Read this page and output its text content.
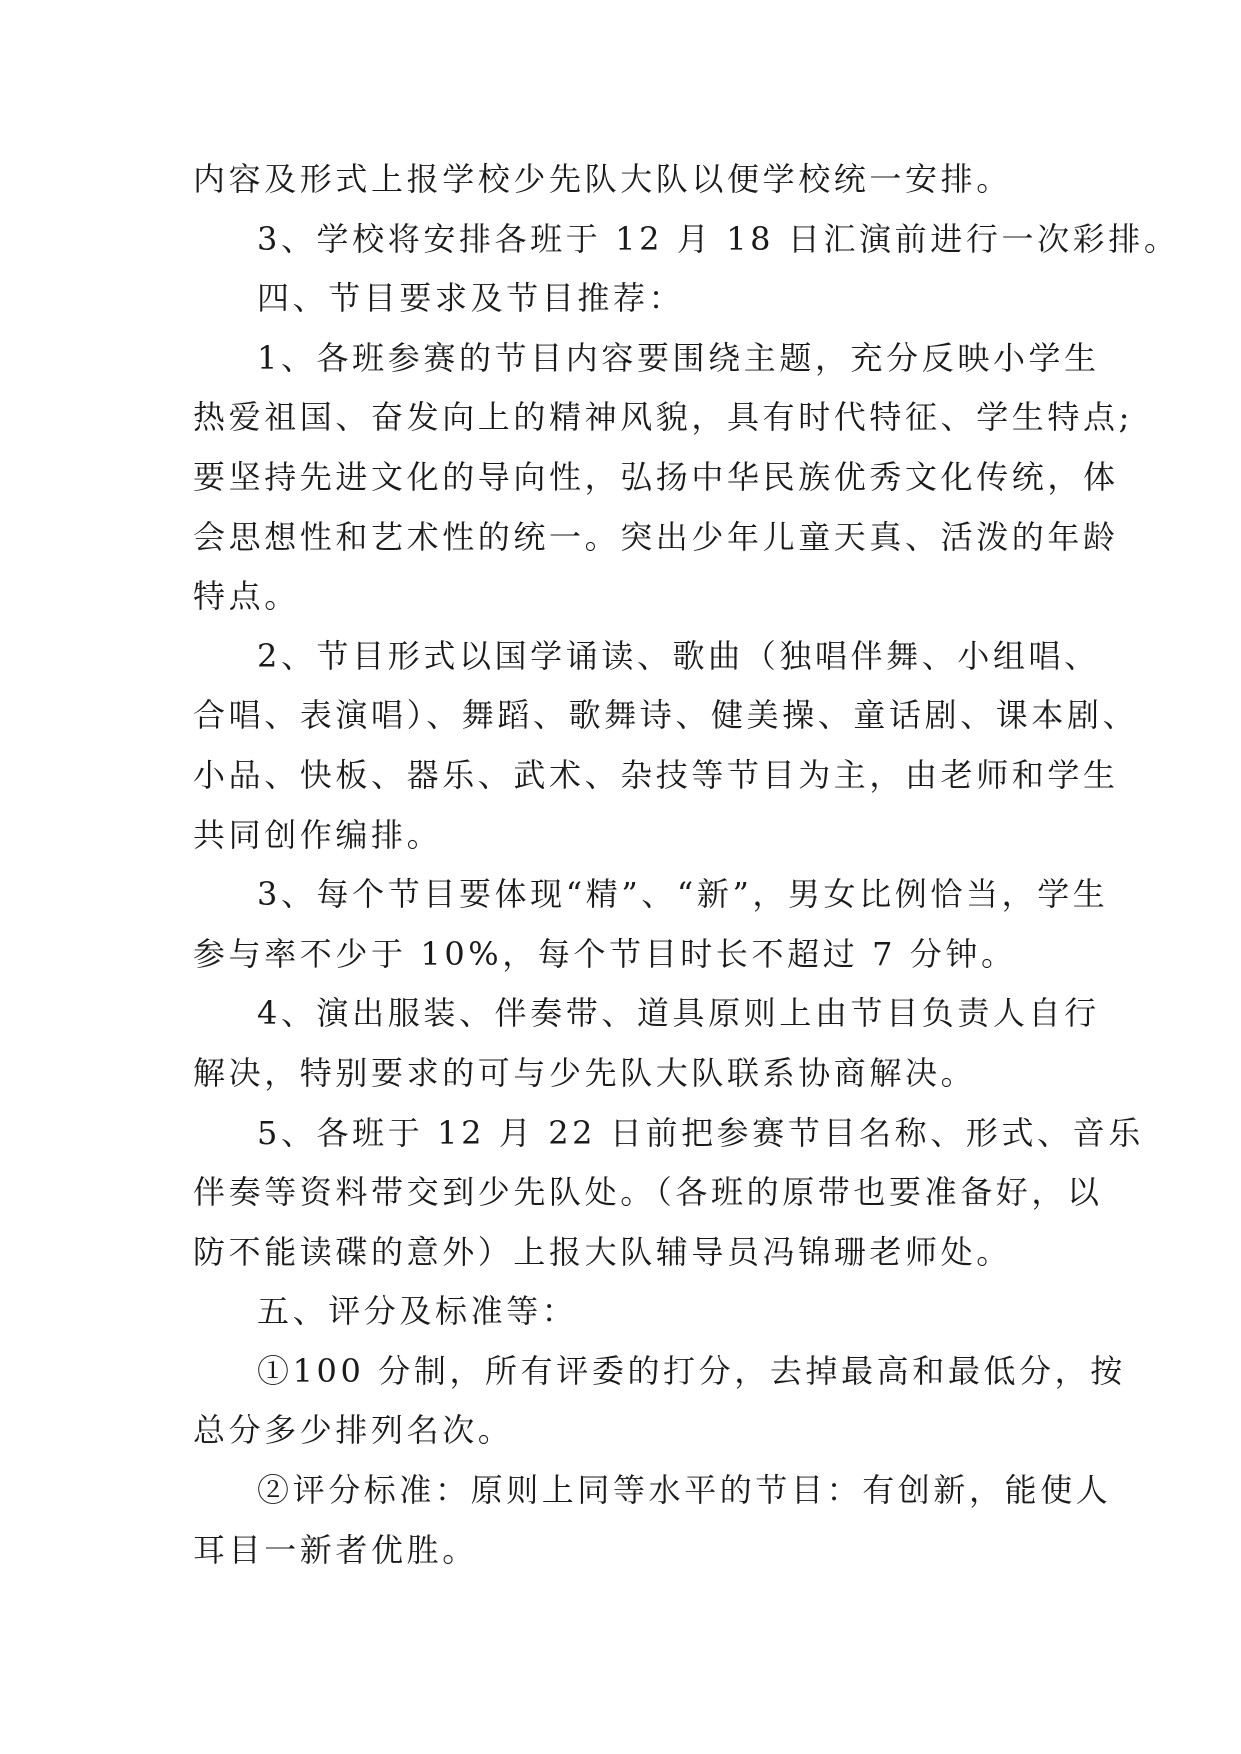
内容及形式上报学校少先队大队以便学校统一安排。
3、学校将安排各班于 12 月 18 日汇演前进行一次彩排。
四、节目要求及节目推荐：
1、各班参赛的节目内容要围绕主题，充分反映小学生
热爱祖国、奋发向上的精神风貌，具有时代特征、学生特点;
要坚持先进文化的导向性，弘扬中华民族优秀文化传统，体
会思想性和艺术性的统一。突出少年儿童天真、活泼的年龄
特点。
2、节目形式以国学诵读、歌曲（独唱伴舞、小组唱、
合唱、表演唱）、舞蹈、歌舞诗、健美操、童话剧、课本剧、
小品、快板、器乐、武术、杂技等节目为主，由老师和学生
共同创作编排。
3、每个节目要体现“精”、“新”，男女比例恰当，学生
参与率不少于 10%，每个节目时长不超过 7 分钟。
4、演出服装、伴奏带、道具原则上由节目负责人自行
解决，特别要求的可与少先队大队联系协商解决。
5、各班于 12 月 22 日前把参赛节目名称、形式、音乐
伴奏等资料带交到少先队处。（各班的原带也要准备好，以
防不能读碟的意外）上报大队辅导员冯锦珊老师处。
五、评分及标准等：
①100 分制，所有评委的打分，去掉最高和最低分，按
总分多少排列名次。
②评分标准：原则上同等水平的节目：有创新，能使人
耳目一新者优胜。
